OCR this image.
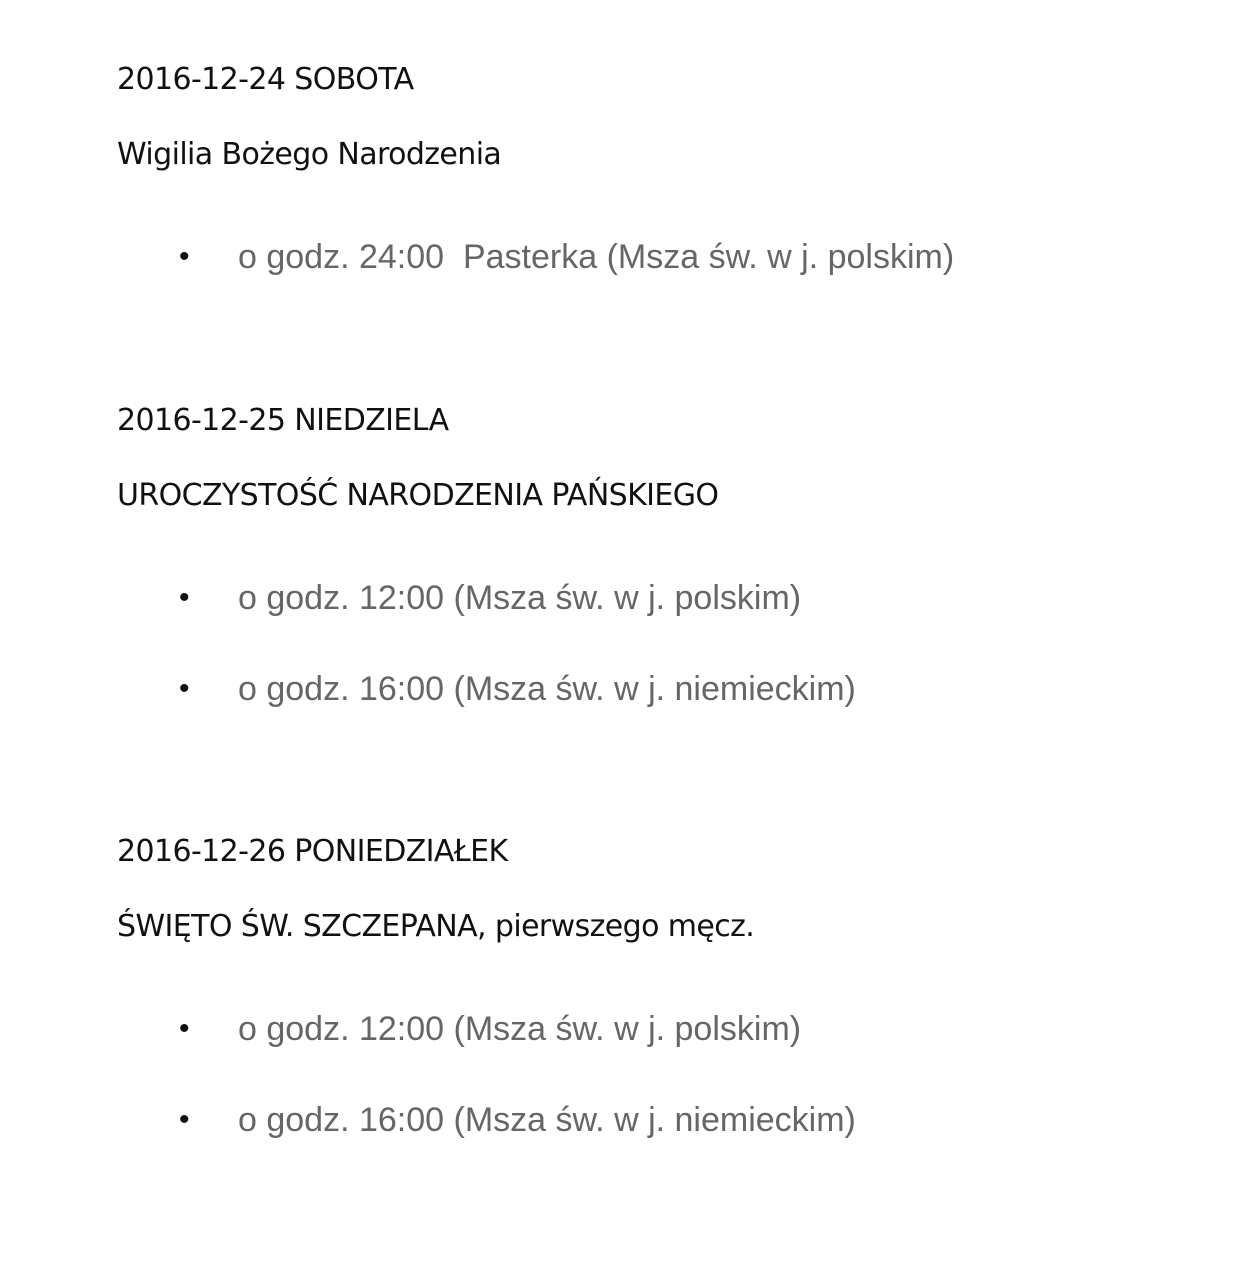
2016-12-24 SOBOTA
Wigilia Bożego Narodzenia
• o godz. 24:00  Pasterka (Msza św. w j. polskim)
2016-12-25 NIEDZIELA
UROCZYSTOŚĆ NARODZENIA PAŃSKIEGO
• o godz. 12:00 (Msza św. w j. polskim)
• o godz. 16:00 (Msza św. w j. niemieckim)
2016-12-26 PONIEDZIAŁEK
ŚWIĘTO ŚW. SZCZEPANA, pierwszego męcz.
• o godz. 12:00 (Msza św. w j. polskim)
• o godz. 16:00 (Msza św. w j. niemieckim)
